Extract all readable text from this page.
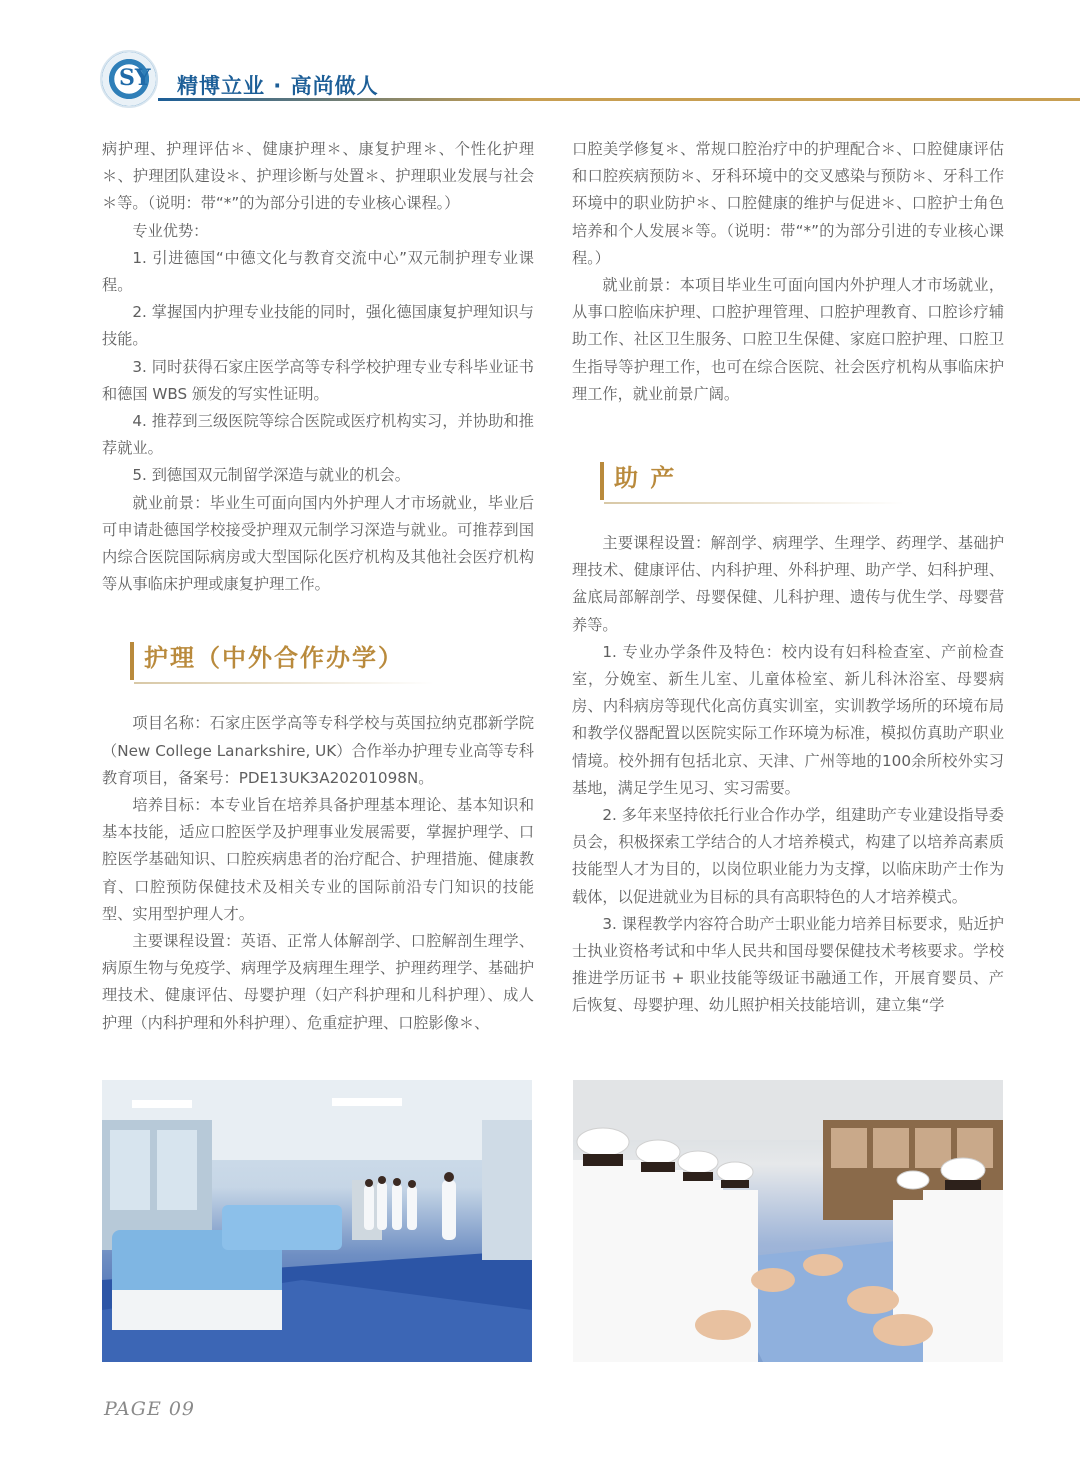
SY 精博立业 · 高尚做人

病护理、护理评估＊、健康护理＊、康复护理＊、个性化护理＊、护理团队建设＊、护理诊断与处置＊、护理职业发展与社会＊等。（说明：带“*”的为部分引进的专业核心课程。）

专业优势：

1. 引进德国“中德文化与教育交流中心”双元制护理专业课程。

2. 掌握国内护理专业技能的同时，强化德国康复护理知识与技能。

3. 同时获得石家庄医学高等专科学校护理专业专科毕业证书和德国 WBS 颁发的写实性证明。

4. 推荐到三级医院等综合医院或医疗机构实习，并协助和推荐就业。

5. 到德国双元制留学深造与就业的机会。

就业前景：毕业生可面向国内外护理人才市场就业，毕业后可申请赴德国学校接受护理双元制学习深造与就业。可推荐到国内综合医院国际病房或大型国际化医疗机构及其他社会医疗机构等从事临床护理或康复护理工作。

护理（中外合作办学）

项目名称：石家庄医学高等专科学校与英国拉纳克郡新学院（New College Lanarkshire, UK）合作举办护理专业高等专科教育项目，备案号：PDE13UK3A20201098N。

培养目标：本专业旨在培养具备护理基本理论、基本知识和基本技能，适应口腔医学及护理事业发展需要，掌握护理学、口腔医学基础知识、口腔疾病患者的治疗配合、护理措施、健康教育、口腔预防保健技术及相关专业的国际前沿专门知识的技能型、实用型护理人才。

主要课程设置：英语、正常人体解剖学、口腔解剖生理学、病原生物与免疫学、病理学及病理生理学、护理药理学、基础护理技术、健康评估、母婴护理（妇产科护理和儿科护理）、成人护理（内科护理和外科护理）、危重症护理、口腔影像＊、

口腔美学修复＊、常规口腔治疗中的护理配合＊、口腔健康评估和口腔疾病预防＊、牙科环境中的交叉感染与预防＊、牙科工作环境中的职业防护＊、口腔健康的维护与促进＊、口腔护士角色培养和个人发展＊等。（说明：带“*”的为部分引进的专业核心课程。）

就业前景：本项目毕业生可面向国内外护理人才市场就业，从事口腔临床护理、口腔护理管理、口腔护理教育、口腔诊疗辅助工作、社区卫生服务、口腔卫生保健、家庭口腔护理、口腔卫生指导等护理工作，也可在综合医院、社会医疗机构从事临床护理工作，就业前景广阔。

助 产

主要课程设置：解剖学、病理学、生理学、药理学、基础护理技术、健康评估、内科护理、外科护理、助产学、妇科护理、盆底局部解剖学、母婴保健、儿科护理、遗传与优生学、母婴营养等。

1. 专业办学条件及特色：校内设有妇科检查室、产前检查室，分娩室、新生儿室、儿童体检室、新儿科沐浴室、母婴病房、内科病房等现代化高仿真实训室，实训教学场所的环境布局和教学仪器配置以医院实际工作环境为标准，模拟仿真助产职业情境。校外拥有包括北京、天津、广州等地的100余所校外实习基地，满足学生见习、实习需要。

2. 多年来坚持依托行业合作办学，组建助产专业建设指导委员会，积极探索工学结合的人才培养模式，构建了以培养高素质技能型人才为目的，以岗位职业能力为支撑，以临床助产士作为载体，以促进就业为目标的具有高职特色的人才培养模式。

3. 课程教学内容符合助产士职业能力培养目标要求，贴近护士执业资格考试和中华人民共和国母婴保健技术考核要求。学校推进学历证书 + 职业技能等级证书融通工作，开展育婴员、产后恢复、母婴护理、幼儿照护相关技能培训，建立集“学

PAGE 09
